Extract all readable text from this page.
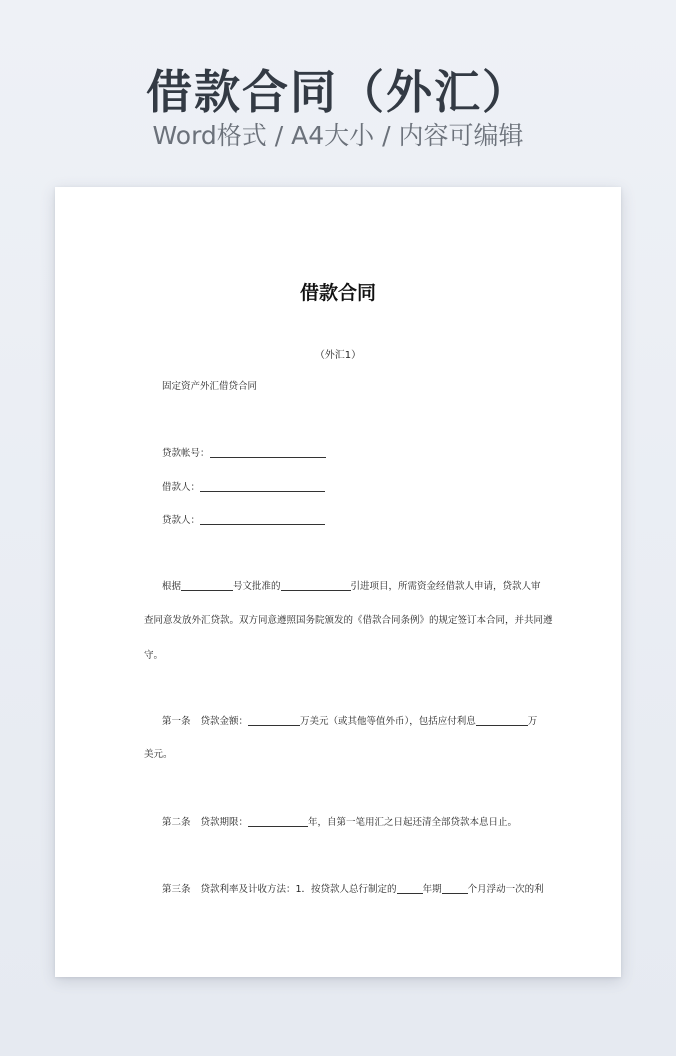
借款合同（外汇）
Word格式 / A4大小 / 内容可编辑
借款合同
（外汇1）
固定资产外汇借贷合同
贷款帐号：
借款人：
贷款人：
根据	号文批准的	引进项目，所需资金经借款人申请，贷款人审
查同意发放外汇贷款。双方同意遵照国务院颁发的《借款合同条例》的规定签订本合同，并共同遵
守。
第一条 贷款金额：	万美元（或其他等值外币），包括应付利息	万
美元。
第二条 贷款期限：	年，自第一笔用汇之日起还清全部贷款本息日止。
第三条 贷款利率及计收方法：1．按贷款人总行制定的	年期	个月浮动一次的利
